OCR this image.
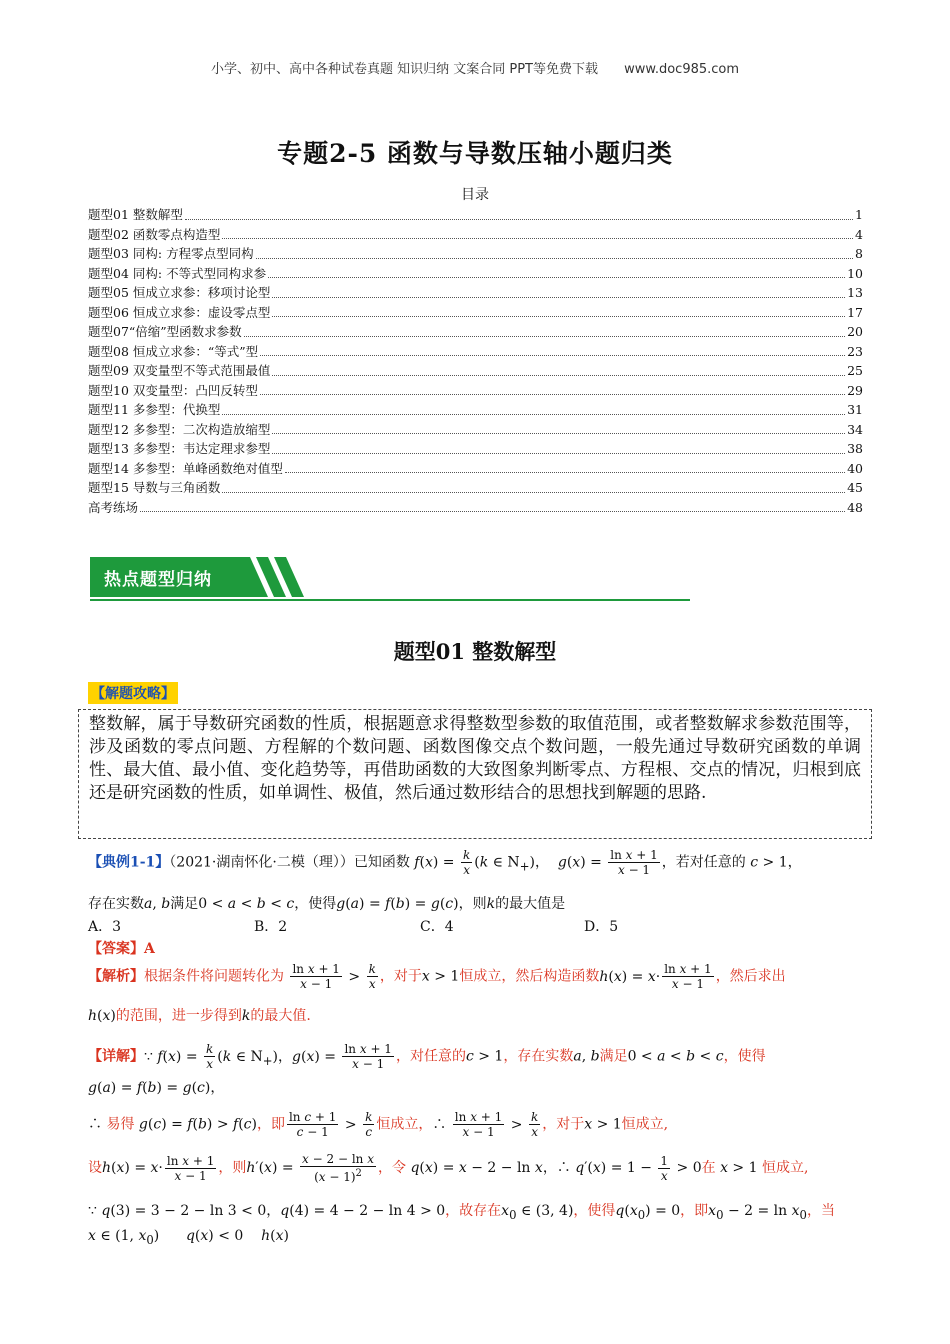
小学、初中、高中各种试卷真题 知识归纳 文案合同 PPT等免费下载 www.doc985.com
专题2-5 函数与导数压轴小题归类
目录
题型01 整数解型	1
题型02 函数零点构造型	4
题型03 同构: 方程零点型同构	8
题型04 同构: 不等式型同构求参	10
题型05 恒成立求参：移项讨论型	13
题型06 恒成立求参：虚设零点型	17
题型07“倍缩”型函数求参数	20
题型08 恒成立求参：“等式”型	23
题型09 双变量型不等式范围最值	25
题型10 双变量型：凸凹反转型	29
题型11 多参型：代换型	31
题型12 多参型：二次构造放缩型	34
题型13 多参型：韦达定理求参型	38
题型14 多参型：单峰函数绝对值型	40
题型15 导数与三角函数	45
高考练场	48
热点题型归纳
题型01 整数解型
【解题攻略】
整数解，属于导数研究函数的性质，根据题意求得整数型参数的取值范围，或者整数解求参数范围等，涉及函数的零点问题、方程解的个数问题、函数图像交点个数问题，一般先通过导数研究函数的单调性、最大值、最小值、变化趋势等，再借助函数的大致图象判断零点、方程根、交点的情况，归根到底还是研究函数的性质，如单调性、极值，然后通过数形结合的思想找到解题的思路.
【典例1-1】（2021·湖南怀化·二模（理））已知函数 $f(x) = \frac{k}{x} (k$ ∈ $N_+$)， $g(x) = \frac{\text{ln x + 1}}{x - 1}$ ，若对任意的 c > 1，
存在实数a, b满足0 < a < b < c，使得g(a) = f(b) = g(c)，则k的最大值是
A．3	B．2	C．4	D．5
【答案】A
【解析】根据条件将问题转化为 $\frac{\text{ln x + 1}}{x - 1} > \frac{k}{x}$ ，对于x > 1恒成立，然后构造函数$h(x) = x\cdot \frac{\text{ln x + 1}}{x - 1}$ ，然后求出
h(x)的范围，进一步得到k的最大值.
【详解】∵ $f(x) = \frac{k}{x} (k$ ∈ $N_+$)，$g(x) = \frac{\text{ln x + 1}}{x - 1}$ ，对任意的c > 1，存在实数a, b满足0 < a < b < c，使得
g(a) = f(b) = g(c)，
∴ 易得 g(c) = f(b) > f(c)，即 $\frac{\text{ln c + 1}}{c - 1} > \frac{k}{c}$ 恒成立，∴ $\frac{\text{ln x + 1}}{x - 1} > \frac{k}{x}$ ，对于x > 1恒成立,
设$h(x) = x\cdot \frac{\text{ln x + 1}}{x - 1}$ ，则$h'(x) = \frac{\text{x − 2 − ln x}}{(x - 1)^2}$ ，令 q(x) = x − 2 − ln x，∴ $q'(x) = 1 - \frac{1}{x} > 0$在 x > 1 恒成立,
∵ q(3) = 3 − 2 − ln 3 < 0，q(4) = 4 − 2 − ln 4 > 0，故存在$x_0$ ∈ (3, 4)，使得$q(x_0) = 0$，即$x_0 - 2 = \ln x_0$，当
x ∈ (1, $x_0$)      q(x) < 0    h(x)
